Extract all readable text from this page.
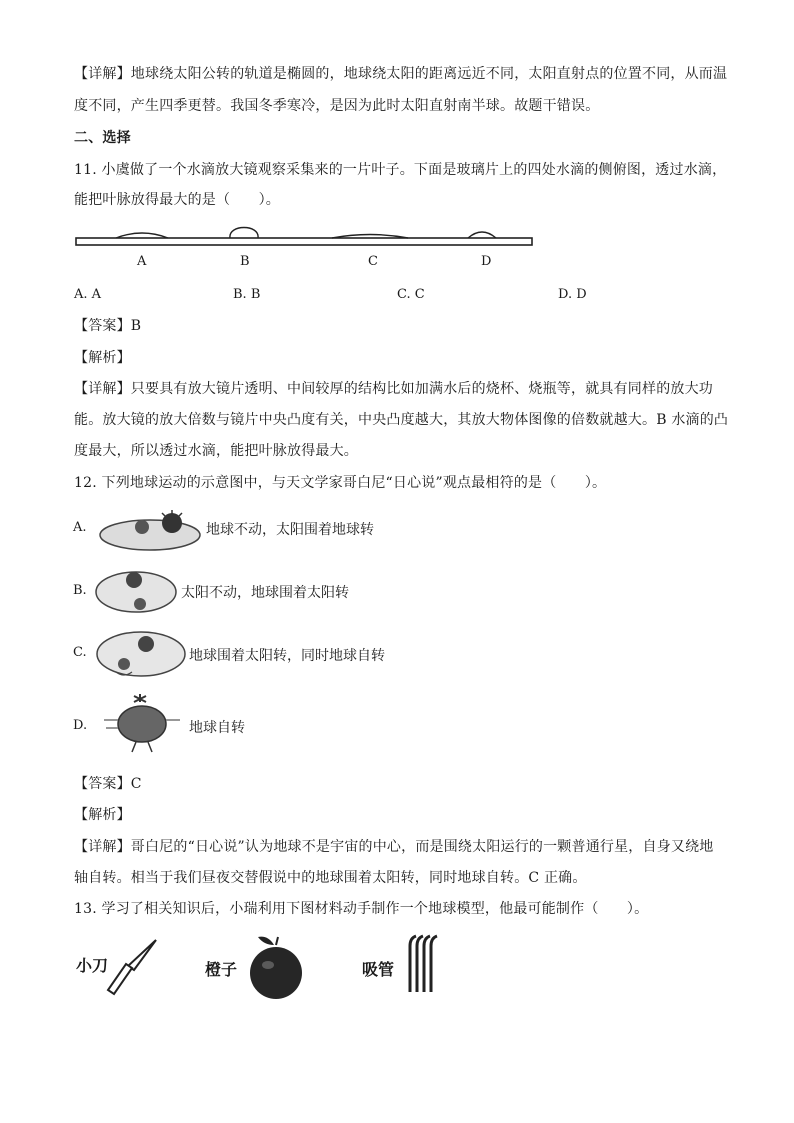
【详解】地球绕太阳公转的轨道是椭圆的，地球绕太阳的距离远近不同，太阳直射点的位置不同，从而温
度不同，产生四季更替。我国冬季寒冷，是因为此时太阳直射南半球。故题干错误。
二、选择
11. 小虞做了一个水滴放大镜观察采集来的一片叶子。下面是玻璃片上的四处水滴的侧俯图，透过水滴，
能把叶脉放得最大的是（　　）。
A	B	C	D
A. A	B. B	C. C	D. D
【答案】B
【解析】
【详解】只要具有放大镜片透明、中间较厚的结构比如加满水后的烧杯、烧瓶等，就具有同样的放大功
能。放大镜的放大倍数与镜片中央凸度有关，中央凸度越大，其放大物体图像的倍数就越大。B 水滴的凸
度最大，所以透过水滴，能把叶脉放得最大。
12. 下列地球运动的示意图中，与天文学家哥白尼“日心说”观点最相符的是（　　）。
A.	地球不动，太阳围着地球转
B.	太阳不动，地球围着太阳转
C.	地球围着太阳转，同时地球自转
D.	地球自转
【答案】C
【解析】
【详解】哥白尼的“日心说”认为地球不是宇宙的中心，而是围绕太阳运行的一颗普通行星，自身又绕地
轴自转。相当于我们昼夜交替假说中的地球围着太阳转，同时地球自转。C 正确。
13. 学习了相关知识后，小瑞利用下图材料动手制作一个地球模型，他最可能制作（　　）。
小刀	橙子	吸管
